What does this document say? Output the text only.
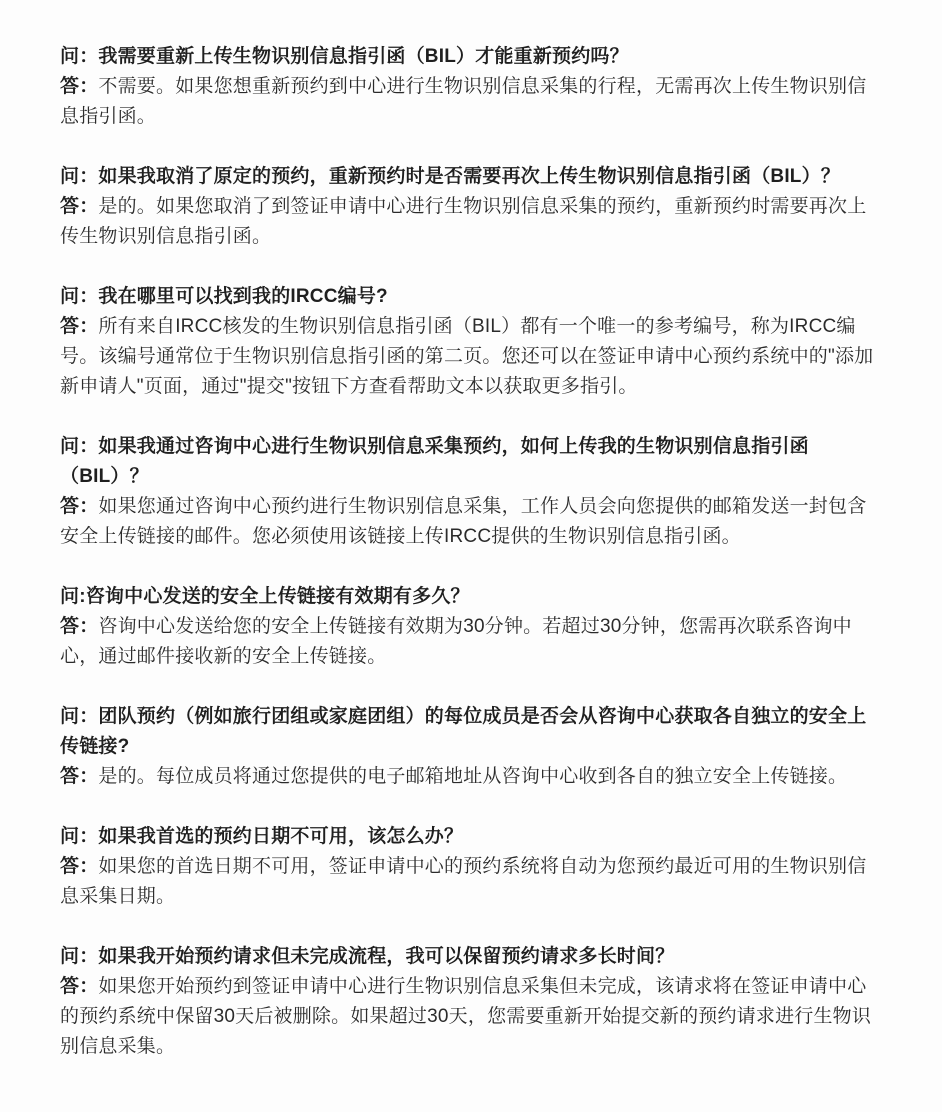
问：我需要重新上传生物识别信息指引函（BIL）才能重新预约吗？

答：不需要。如果您想重新预约到中心进行生物识别信息采集的行程，无需再次上传生物识别信息指引函。

问：如果我取消了原定的预约，重新预约时是否需要再次上传生物识别信息指引函（BIL）？

答：是的。如果您取消了到签证申请中心进行生物识别信息采集的预约，重新预约时需要再次上传生物识别信息指引函。

问：我在哪里可以找到我的IRCC编号?

答：所有来自IRCC核发的生物识别信息指引函（BIL）都有一个唯一的参考编号，称为IRCC编号。该编号通常位于生物识别信息指引函的第二页。您还可以在签证申请中心预约系统中的"添加新申请人"页面，通过"提交"按钮下方查看帮助文本以获取更多指引。

问：如果我通过咨询中心进行生物识别信息采集预约，如何上传我的生物识别信息指引函（BIL）？

答：如果您通过咨询中心预约进行生物识别信息采集，工作人员会向您提供的邮箱发送一封包含安全上传链接的邮件。您必须使用该链接上传IRCC提供的生物识别信息指引函。

问:咨询中心发送的安全上传链接有效期有多久？

答：咨询中心发送给您的安全上传链接有效期为30分钟。若超过30分钟，您需再次联系咨询中心，通过邮件接收新的安全上传链接。

问：团队预约（例如旅行团组或家庭团组）的每位成员是否会从咨询中心获取各自独立的安全上传链接?

答：是的。每位成员将通过您提供的电子邮箱地址从咨询中心收到各自的独立安全上传链接。

问：如果我首选的预约日期不可用，该怎么办？

答：如果您的首选日期不可用，签证申请中心的预约系统将自动为您预约最近可用的生物识别信息采集日期。

问：如果我开始预约请求但未完成流程，我可以保留预约请求多长时间？

答：如果您开始预约到签证申请中心进行生物识别信息采集但未完成，该请求将在签证申请中心的预约系统中保留30天后被删除。如果超过30天，您需要重新开始提交新的预约请求进行生物识别信息采集。
